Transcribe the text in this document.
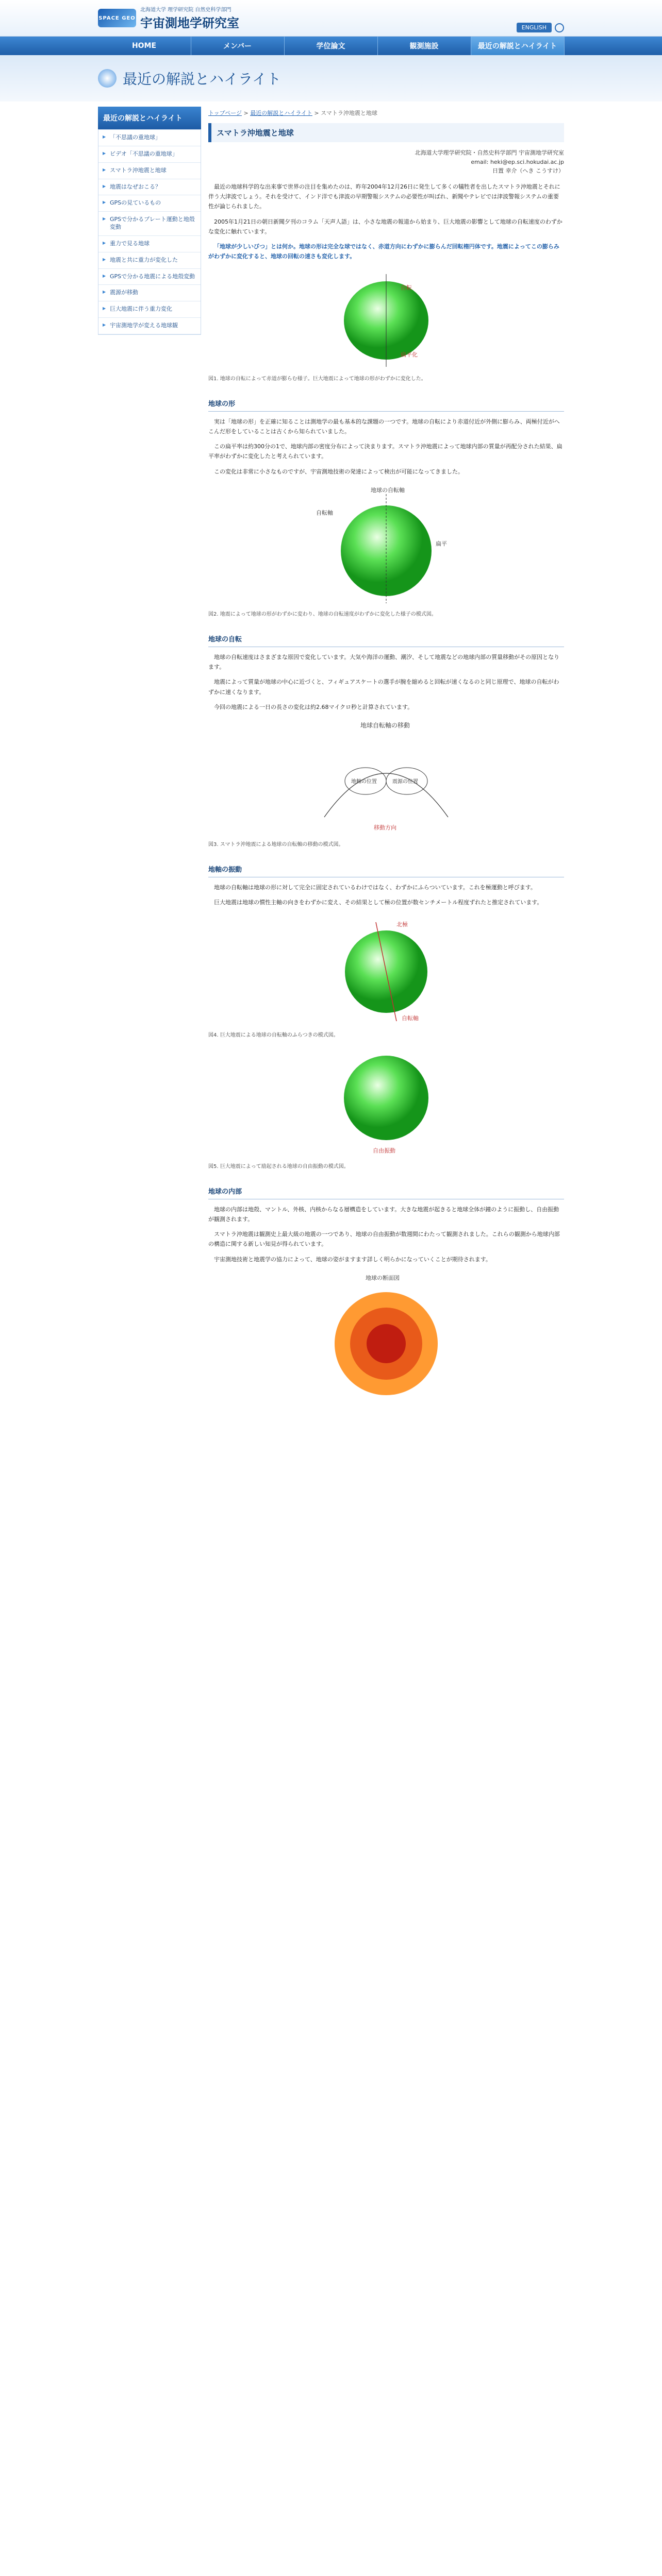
SPACE GEO
北海道大学 理学研究院 自然史科学部門
宇宙測地学研究室	ENGLISH
HOME	メンバー	学位論文	観測施設	最近の解説とハイライト
最近の解説とハイライト
最近の解説とハイライト
▶ 「不思議の重地球」
▶ ビデオ「不思議の重地球」
▶ スマトラ沖地震と地球
▶ 地震はなぜおこる？
▶ GPSの見ているもの
▶ GPSで分かるプレート運動と地殻変動
▶ 重力で見る地球
▶ 地震と共に重力が変化した
▶ GPSで分かる地震による地殻変動
▶ 震源が移動
▶ 巨大地震に伴う重力変化
▶ 宇宙測地学が変える地球観
トップページ > 最近の解説とハイライト > スマトラ沖地震と地球
スマトラ沖地震と地球
北海道大学理学研究院・自然史科学部門 宇宙測地学研究室
email: heki@ep.sci.hokudai.ac.jp
日置 幸介（へき こうすけ）

最近の地球科学的な出来事で世界の注目を集めたのは、昨年2004年12月26日に発生して多くの犠牲者を出したスマトラ沖地震とそれに伴う大津波でしょう。それを受けて、インド洋でも津波の早期警報システムの必要性が叫ばれ、新聞やテレビでは津波警報システムの重要性が論じられました。

2005年1月21日の朝日新聞夕刊のコラム「天声人語」は、小さな地震の報道から始まり、巨大地震の影響として地球の自転速度のわずかな変化に触れています。

「地球が少しいびつ」とは何か。地球の形は完全な球ではなく、赤道方向にわずかに膨らんだ回転楕円体です。地震によってこの膨らみがわずかに変化すると、地球の回転の速さも変化します。

自転
扁平化
図1. 地球の自転によって赤道が膨らむ様子。巨大地震によって地球の形がわずかに変化した。
地球の形

実は「地球の形」を正確に知ることは測地学の最も基本的な課題の一つです。地球の自転により赤道付近が外側に膨らみ、両極付近がへこんだ形をしていることは古くから知られていました。

この扁平率は約300分の1で、地球内部の密度分布によって決まります。スマトラ沖地震によって地球内部の質量が再配分された結果、扁平率がわずかに変化したと考えられています。

この変化は非常に小さなものですが、宇宙測地技術の発達によって検出が可能になってきました。

地球の自転軸
自転軸
扁平
図2. 地震によって地球の形がわずかに変わり、地球の自転速度がわずかに変化した様子の模式図。
地球の自転

地球の自転速度はさまざまな原因で変化しています。大気や海洋の運動、潮汐、そして地震などの地球内部の質量移動がその原因となります。

地震によって質量が地球の中心に近づくと、フィギュアスケートの選手が腕を縮めると回転が速くなるのと同じ原理で、地球の自転がわずかに速くなります。

今回の地震による一日の長さの変化は約2.68マイクロ秒と計算されています。

地球自転軸の移動
地軸の位置	震源の位置
移動方向
図3. スマトラ沖地震による地球の自転軸の移動の模式図。
地軸の振動

地球の自転軸は地球の形に対して完全に固定されているわけではなく、わずかにふらついています。これを極運動と呼びます。

巨大地震は地球の慣性主軸の向きをわずかに変え、その結果として極の位置が数センチメートル程度ずれたと推定されています。

北極
自転軸
図4. 巨大地震による地球の自転軸のふらつきの模式図。
自由振動
図5. 巨大地震によって励起される地球の自由振動の模式図。
地球の内部

地球の内部は地殻、マントル、外核、内核からなる層構造をしています。大きな地震が起きると地球全体が鐘のように振動し、自由振動が観測されます。

スマトラ沖地震は観測史上最大級の地震の一つであり、地球の自由振動が数週間にわたって観測されました。これらの観測から地球内部の構造に関する新しい知見が得られています。

宇宙測地技術と地震学の協力によって、地球の姿がますます詳しく明らかになっていくことが期待されます。

地球の断面図
